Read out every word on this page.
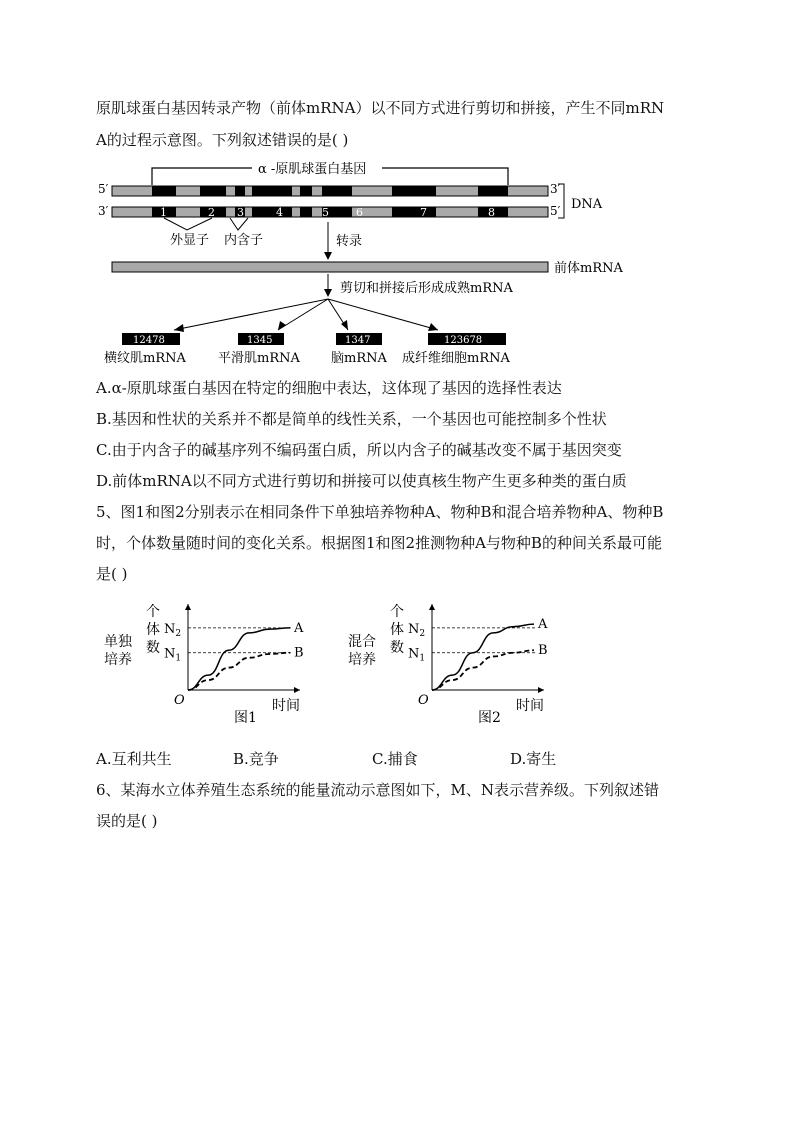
原肌球蛋白基因转录产物（前体mRNA）以不同方式进行剪切和拼接，产生不同mRN
A的过程示意图。下列叙述错误的是( )
α -原肌球蛋白基因
5′	3′
3′	5′
1	2 3	4	5 6	7	8
DNA
外显子 内含子	转录
前体mRNA
剪切和拼接后形成成熟mRNA
12478	1345	1347	123678
横纹肌mRNA 平滑肌mRNA 脑mRNA 成纤维细胞mRNA
A.α-原肌球蛋白基因在特定的细胞中表达，这体现了基因的选择性表达
B.基因和性状的关系并不都是简单的线性关系，一个基因也可能控制多个性状
C.由于内含子的碱基序列不编码蛋白质，所以内含子的碱基改变不属于基因突变
D.前体mRNA以不同方式进行剪切和拼接可以使真核生物产生更多种类的蛋白质
5、图1和图2分别表示在相同条件下单独培养物种A、物种B和混合培养物种A、物种B
时，个体数量随时间的变化关系。根据图1和图2推测物种A与物种B的种间关系最可能
是( )
单独
培养
个
体
数
O	时间
图1
$N_2$
$N_1$
A
B
混合
培养
个
体
数
O	时间
图2
$N_2$
$N_1$
A
B
A.互利共生	B.竞争	C.捕食	D.寄生
6、某海水立体养殖生态系统的能量流动示意图如下，M、N表示营养级。下列叙述错
误的是( )
